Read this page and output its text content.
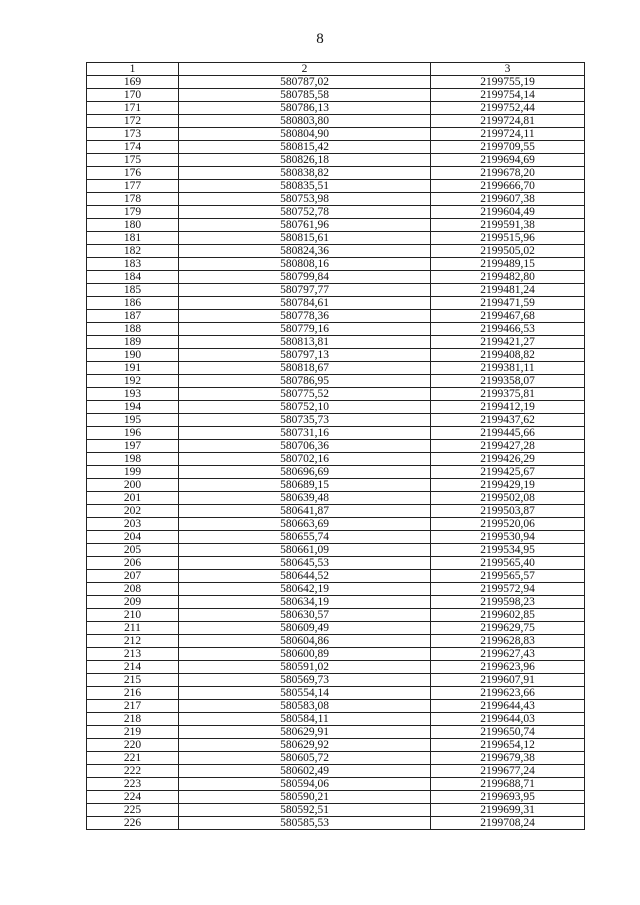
8
1	2	3
169	580787,02	2199755,19
170	580785,58	2199754,14
171	580786,13	2199752,44
172	580803,80	2199724,81
173	580804,90	2199724,11
174	580815,42	2199709,55
175	580826,18	2199694,69
176	580838,82	2199678,20
177	580835,51	2199666,70
178	580753,98	2199607,38
179	580752,78	2199604,49
180	580761,96	2199591,38
181	580815,61	2199515,96
182	580824,36	2199505,02
183	580808,16	2199489,15
184	580799,84	2199482,80
185	580797,77	2199481,24
186	580784,61	2199471,59
187	580778,36	2199467,68
188	580779,16	2199466,53
189	580813,81	2199421,27
190	580797,13	2199408,82
191	580818,67	2199381,11
192	580786,95	2199358,07
193	580775,52	2199375,81
194	580752,10	2199412,19
195	580735,73	2199437,62
196	580731,16	2199445,66
197	580706,36	2199427,28
198	580702,16	2199426,29
199	580696,69	2199425,67
200	580689,15	2199429,19
201	580639,48	2199502,08
202	580641,87	2199503,87
203	580663,69	2199520,06
204	580655,74	2199530,94
205	580661,09	2199534,95
206	580645,53	2199565,40
207	580644,52	2199565,57
208	580642,19	2199572,94
209	580634,19	2199598,23
210	580630,57	2199602,85
211	580609,49	2199629,75
212	580604,86	2199628,83
213	580600,89	2199627,43
214	580591,02	2199623,96
215	580569,73	2199607,91
216	580554,14	2199623,66
217	580583,08	2199644,43
218	580584,11	2199644,03
219	580629,91	2199650,74
220	580629,92	2199654,12
221	580605,72	2199679,38
222	580602,49	2199677,24
223	580594,06	2199688,71
224	580590,21	2199693,95
225	580592,51	2199699,31
226	580585,53	2199708,24
